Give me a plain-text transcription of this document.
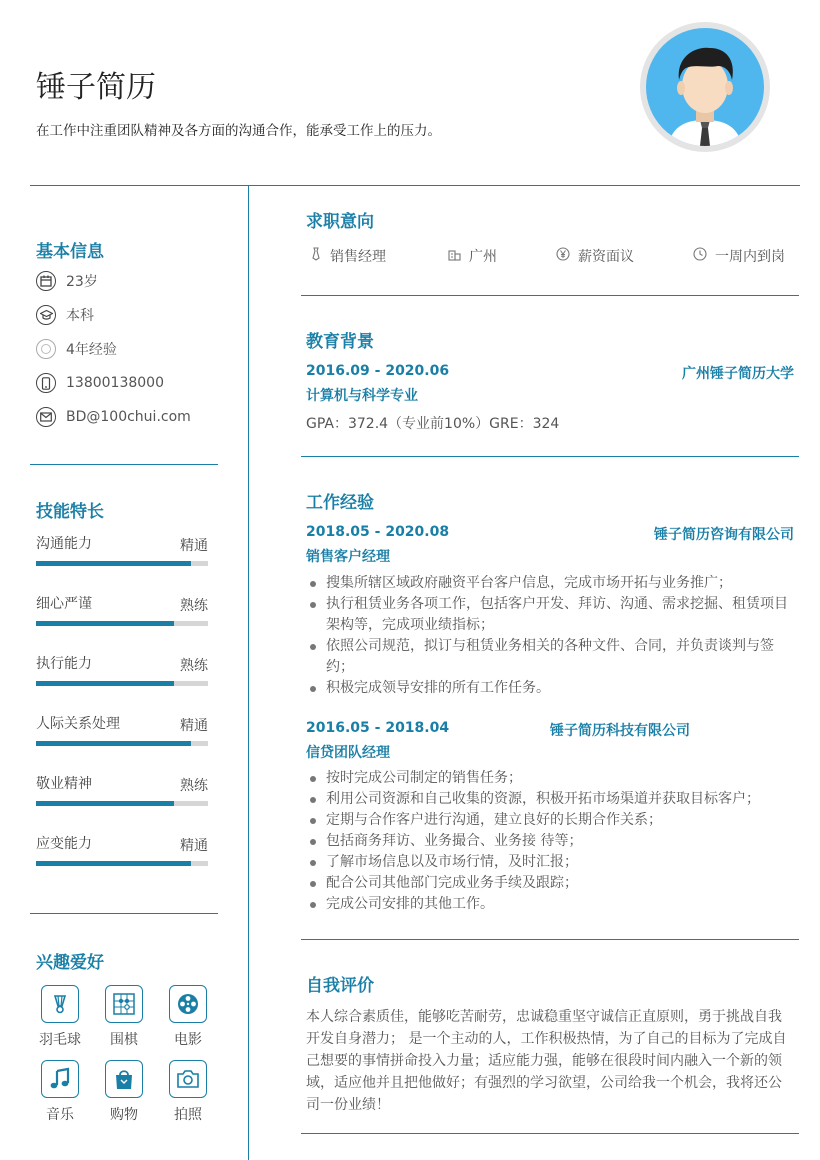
锤子简历
在工作中注重团队精神及各方面的沟通合作，能承受工作上的压力。
基本信息
23岁
本科
4年经验
13800138000
BD@100chui.com
技能特长
沟通能力	精通
细心严谨	熟练
执行能力	熟练
人际关系处理	精通
敬业精神	熟练
应变能力	精通
兴趣爱好
羽毛球	围棋	电影
音乐	购物	拍照
求职意向
销售经理	广州	薪资面议	一周内到岗
教育背景
2016.09 - 2020.06	广州锤子简历大学
计算机与科学专业
GPA：372.4（专业前10%）GRE：324
工作经验
2018.05 - 2020.08	锤子简历咨询有限公司
销售客户经理
搜集所辖区域政府融资平台客户信息，完成市场开拓与业务推广；
执行租赁业务各项工作，包括客户开发、拜访、沟通、需求挖掘、租赁项目架构等，完成项业绩指标；
依照公司规范，拟订与租赁业务相关的各种文件、合同，并负责谈判与签约；
积极完成领导安排的所有工作任务。
2016.05 - 2018.04	锤子简历科技有限公司
信贷团队经理
按时完成公司制定的销售任务；
利用公司资源和自己收集的资源，积极开拓市场渠道并获取目标客户；
定期与合作客户进行沟通，建立良好的长期合作关系；
包括商务拜访、业务撮合、业务接 待等；
了解市场信息以及市场行情，及时汇报；
配合公司其他部门完成业务手续及跟踪；
完成公司安排的其他工作。
自我评价
本人综合素质佳，能够吃苦耐劳，忠诚稳重坚守诚信正直原则，勇于挑战自我开发自身潜力； 是一个主动的人，工作积极热情，为了自己的目标为了完成自己想要的事情拼命投入力量；适应能力强，能够在很段时间内融入一个新的领域，适应他并且把他做好；有强烈的学习欲望，公司给我一个机会，我将还公司一份业绩！
